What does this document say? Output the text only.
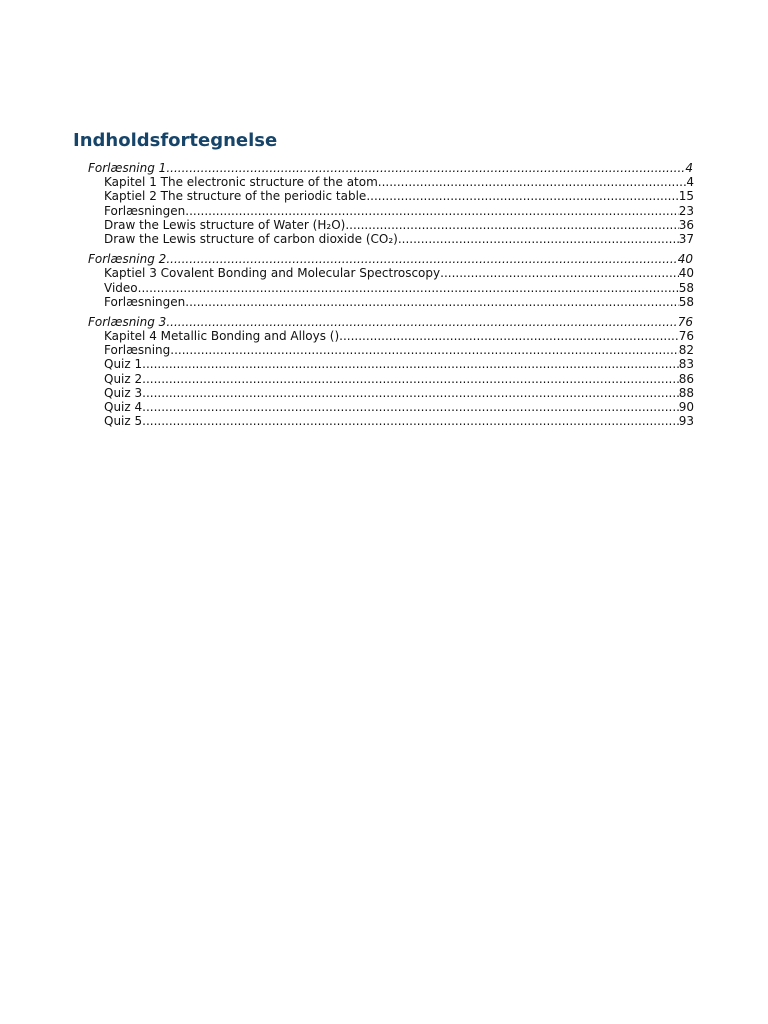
Indholdsfortegnelse
Forlæsning 1 .....	4
Kapitel 1 The electronic structure of the atom .....	4
Kaptiel 2 The structure of the periodic table .....	15
Forlæsningen .....	23
Draw the Lewis structure of Water (H₂O) .....	36
Draw the Lewis structure of carbon dioxide (CO₂) .....	37
Forlæsning 2 .....	40
Kaptiel 3 Covalent Bonding and Molecular Spectroscopy .....	40
Video .....	58
Forlæsningen .....	58
Forlæsning 3 .....	76
Kapitel 4 Metallic Bonding and Alloys () .....	76
Forlæsning .....	82
Quiz 1 .....	83
Quiz 2 .....	86
Quiz 3 .....	88
Quiz 4 .....	90
Quiz 5 .....	93
